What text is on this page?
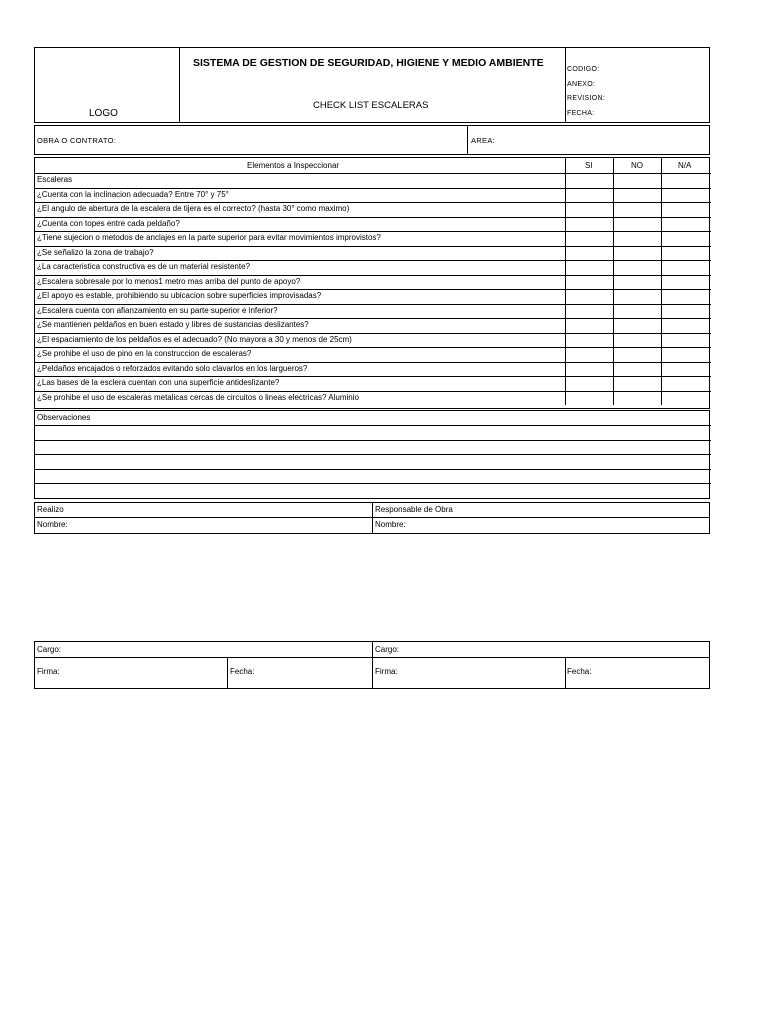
LOGO
SISTEMA DE GESTION DE SEGURIDAD, HIGIENE Y MEDIO AMBIENTE
CHECK LIST ESCALERAS
CODIGO:
ANEXO:
REVISION:
FECHA:
OBRA O CONTRATO:	AREA:
Elementos a Inspeccionar	SI	NO	N/A
Escaleras
¿Cuenta con la inclinacion adecuada? Entre 70° y 75°
¿El angulo de abertura de la escalera de tijera es el correcto? (hasta 30° como maximo)
¿Cuenta con topes entre cada peldaño?
¿Tiene sujecion o metodos de anclajes en la parte superior para evitar movimientos improvistos?
¿Se señalizo la zona de trabajo?
¿La caracteristica constructiva es de un material resistente?
¿Escalera sobresale por lo menos1 metro mas arriba del punto de apoyo?
¿El apoyo es estable, prohibiendo su ubicacion sobre superficies improvisadas?
¿Escalera cuenta con afianzamiento en su parte superior e inferior?
¿Se mantienen peldaños en buen estado y libres de sustancias deslizantes?
¿El espaciamiento de los peldaños es el adecuado? (No mayora a 30 y menos de 25cm)
¿Se prohibe el uso de pino en la construccion de escaleras?
¿Peldaños encajados o reforzados evitando solo clavarlos en los largueros?
¿Las bases de la esclera cuentan con una superficie antideslizante?
¿Se prohibe el uso de escaleras metalicas cercas de circuitos o lineas electricas? Aluminio
Observaciones
Realizo	Responsable de Obra
Nombre:	Nombre:
Cargo:	Cargo:
Firma:	Fecha:	Firma:	Fecha:
